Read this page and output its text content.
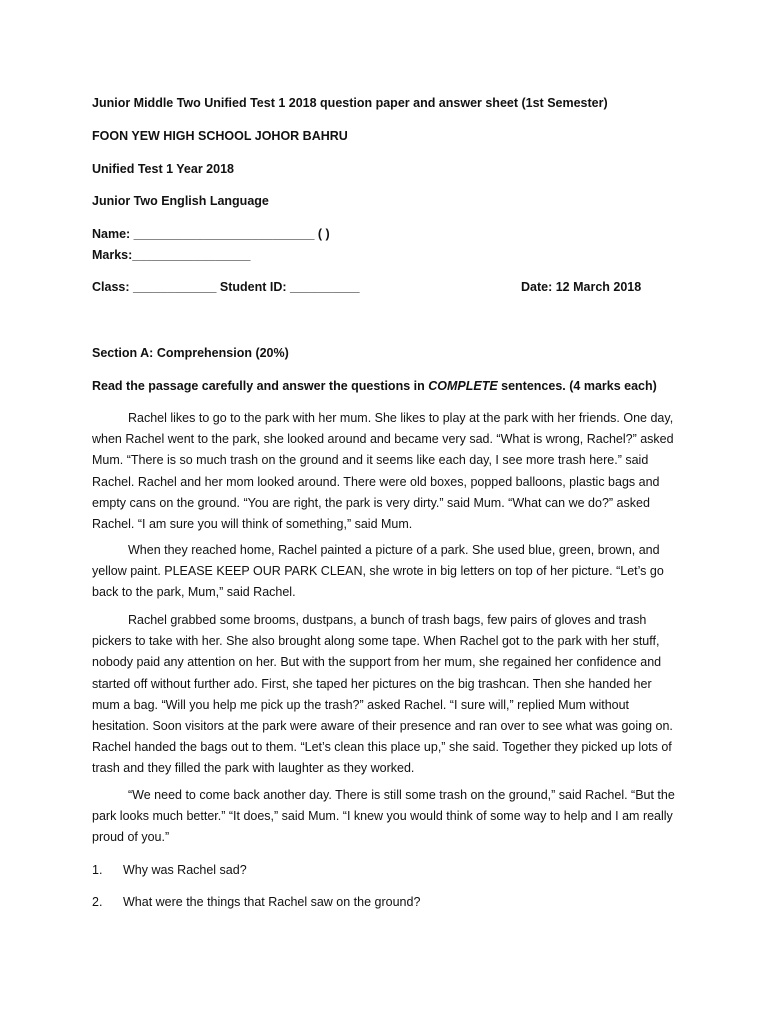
Junior Middle Two Unified Test 1 2018 question paper and answer sheet (1st Semester)
FOON YEW HIGH SCHOOL JOHOR BAHRU
Unified Test 1 Year 2018
Junior Two English Language
Name: __________________________ ( )
Marks:_________________
Class: ____________ Student ID: __________	Date: 12 March 2018
Section A: Comprehension (20%)
Read the passage carefully and answer the questions in COMPLETE sentences. (4 marks each)
Rachel likes to go to the park with her mum. She likes to play at the park with her friends. One day, when Rachel went to the park, she looked around and became very sad. “What is wrong, Rachel?” asked Mum. “There is so much trash on the ground and it seems like each day, I see more trash here.” said Rachel. Rachel and her mom looked around. There were old boxes, popped balloons, plastic bags and empty cans on the ground. “You are right, the park is very dirty.” said Mum. “What can we do?” asked Rachel. “I am sure you will think of something,” said Mum.
When they reached home, Rachel painted a picture of a park. She used blue, green, brown, and yellow paint. PLEASE KEEP OUR PARK CLEAN, she wrote in big letters on top of her picture. “Let’s go back to the park, Mum,” said Rachel.
Rachel grabbed some brooms, dustpans, a bunch of trash bags, few pairs of gloves and trash pickers to take with her. She also brought along some tape. When Rachel got to the park with her stuff, nobody paid any attention on her. But with the support from her mum, she regained her confidence and started off without further ado. First, she taped her pictures on the big trashcan. Then she handed her mum a bag. “Will you help me pick up the trash?” asked Rachel. “I sure will,” replied Mum without hesitation. Soon visitors at the park were aware of their presence and ran over to see what was going on. Rachel handed the bags out to them. “Let’s clean this place up,” she said. Together they picked up lots of trash and they filled the park with laughter as they worked.
“We need to come back another day. There is still some trash on the ground,” said Rachel. “But the park looks much better.” “It does,” said Mum. “I knew you would think of some way to help and I am really proud of you.”
1. Why was Rachel sad?
2. What were the things that Rachel saw on the ground?
